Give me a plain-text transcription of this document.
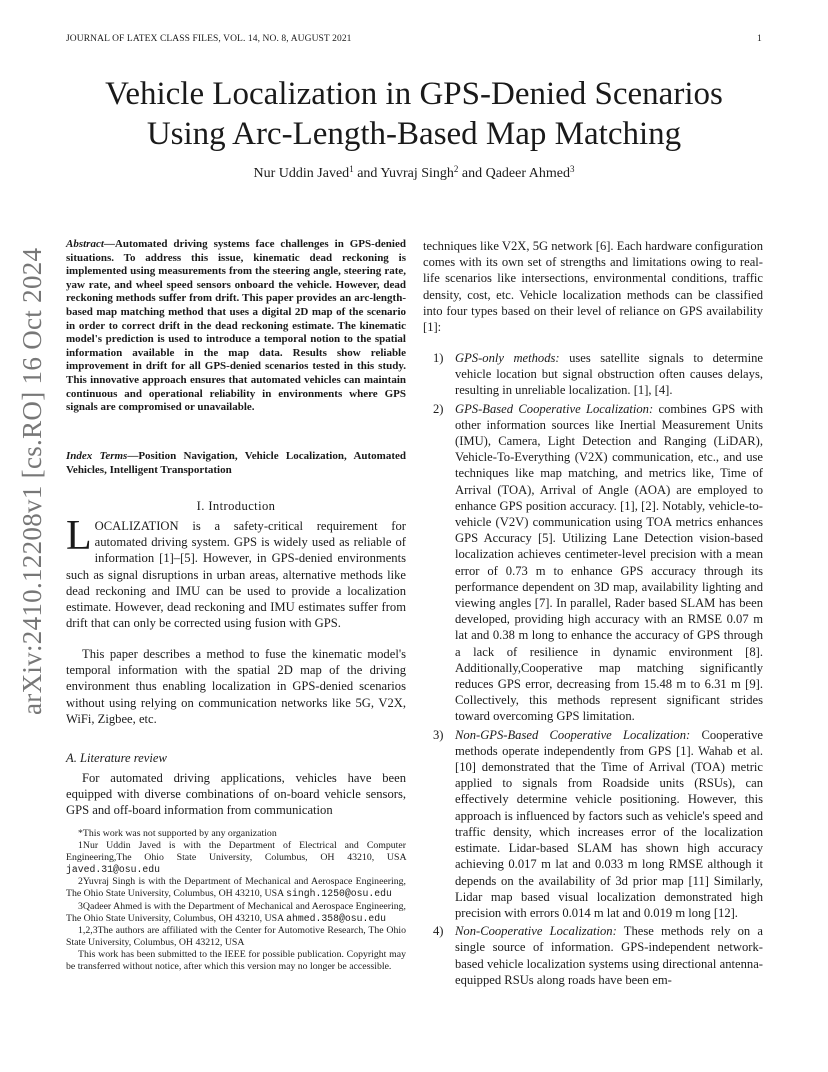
JOURNAL OF LATEX CLASS FILES, VOL. 14, NO. 8, AUGUST 2021	1
arXiv:2410.12208v1 [cs.RO] 16 Oct 2024
Vehicle Localization in GPS-Denied Scenarios
Using Arc-Length-Based Map Matching
Nur Uddin Javed$^1$ and Yuvraj Singh$^2$ and Qadeer Ahmed$^3$
Abstract—Automated driving systems face challenges in GPS-denied situations. To address this issue, kinematic dead reckoning is implemented using measurements from the steering angle, steering rate, yaw rate, and wheel speed sensors onboard the vehicle. However, dead reckoning methods suffer from drift. This paper provides an arc-length-based map matching method that uses a digital 2D map of the scenario in order to correct drift in the dead reckoning estimate. The kinematic model's prediction is used to introduce a temporal notion to the spatial information available in the map data. Results show reliable improvement in drift for all GPS-denied scenarios tested in this study. This innovative approach ensures that automated vehicles can maintain continuous and operational reliability in environments where GPS signals are compromised or unavailable.
Index Terms—Position Navigation, Vehicle Localization, Automated Vehicles, Intelligent Transportation
I. Introduction
LOCALIZATION is a safety-critical requirement for automated driving system. GPS is widely used as reliable of information [1]–[5]. However, in GPS-denied environments such as signal disruptions in urban areas, alternative methods like dead reckoning and IMU can be used to provide a localization estimate. However, dead reckoning and IMU estimates suffer from drift that can only be corrected using fusion with GPS.
This paper describes a method to fuse the kinematic model's temporal information with the spatial 2D map of the driving environment thus enabling localization in GPS-denied scenarios without using relying on communication networks like 5G, V2X, WiFi, Zigbee, etc.
A. Literature review
For automated driving applications, vehicles have been equipped with diverse combinations of on-board vehicle sensors, GPS and off-board information from communication
*This work was not supported by any organization
1Nur Uddin Javed is with the Department of Electrical and Computer Engineering,The Ohio State University, Columbus, OH 43210, USA javed.31@osu.edu
2Yuvraj Singh is with the Department of Mechanical and Aerospace Engineering, The Ohio State University, Columbus, OH 43210, USA singh.1250@osu.edu
3Qadeer Ahmed is with the Department of Mechanical and Aerospace Engineering, The Ohio State University, Columbus, OH 43210, USA ahmed.358@osu.edu
1,2,3The authors are affiliated with the Center for Automotive Research, The Ohio State University, Columbus, OH 43212, USA
This work has been submitted to the IEEE for possible publication. Copyright may be transferred without notice, after which this version may no longer be accessible.
techniques like V2X, 5G network [6]. Each hardware configuration comes with its own set of strengths and limitations owing to real-life scenarios like intersections, environmental conditions, traffic density, cost, etc. Vehicle localization methods can be classified into four types based on their level of reliance on GPS availability [1]:
1) GPS-only methods: uses satellite signals to determine vehicle location but signal obstruction often causes delays, resulting in unreliable localization. [1], [4].
2) GPS-Based Cooperative Localization: combines GPS with other information sources like Inertial Measurement Units (IMU), Camera, Light Detection and Ranging (LiDAR), Vehicle-To-Everything (V2X) communication, etc., and use techniques like map matching, and metrics like, Time of Arrival (TOA), Arrival of Angle (AOA) are employed to enhance GPS position accuracy. [1], [2]. Notably, vehicle-to-vehicle (V2V) communication using TOA metrics enhances GPS Accuracy [5]. Utilizing Lane Detection vision-based localization achieves centimeter-level precision with a mean error of 0.73 m to enhance GPS accuracy through its performance dependent on 3D map, availability lighting and viewing angles [7]. In parallel, Rader based SLAM has been developed, providing high accuracy with an RMSE 0.07 m lat and 0.38 m long to enhance the accuracy of GPS through a lack of resilience in dynamic environment [8]. Additionally,Cooperative map matching significantly reduces GPS error, decreasing from 15.48 m to 6.31 m [9]. Collectively, this methods represent significant strides toward overcoming GPS limitation.
3) Non-GPS-Based Cooperative Localization: Cooperative methods operate independently from GPS [1]. Wahab et al. [10] demonstrated that the Time of Arrival (TOA) metric applied to signals from Roadside units (RSUs), can effectively determine vehicle positioning. However, this approach is influenced by factors such as vehicle's speed and traffic density, which increases error of the localization estimate. Lidar-based SLAM has shown high accuracy achieving 0.017 m lat and 0.033 m long RMSE although it depends on the availability of 3d prior map [11] Similarly, Lidar map based visual localization demonstrated high precision with errors 0.014 m lat and 0.019 m long [12].
4) Non-Cooperative Localization: These methods rely on a single source of information. GPS-independent network-based vehicle localization systems using directional antenna-equipped RSUs along roads have been em-
